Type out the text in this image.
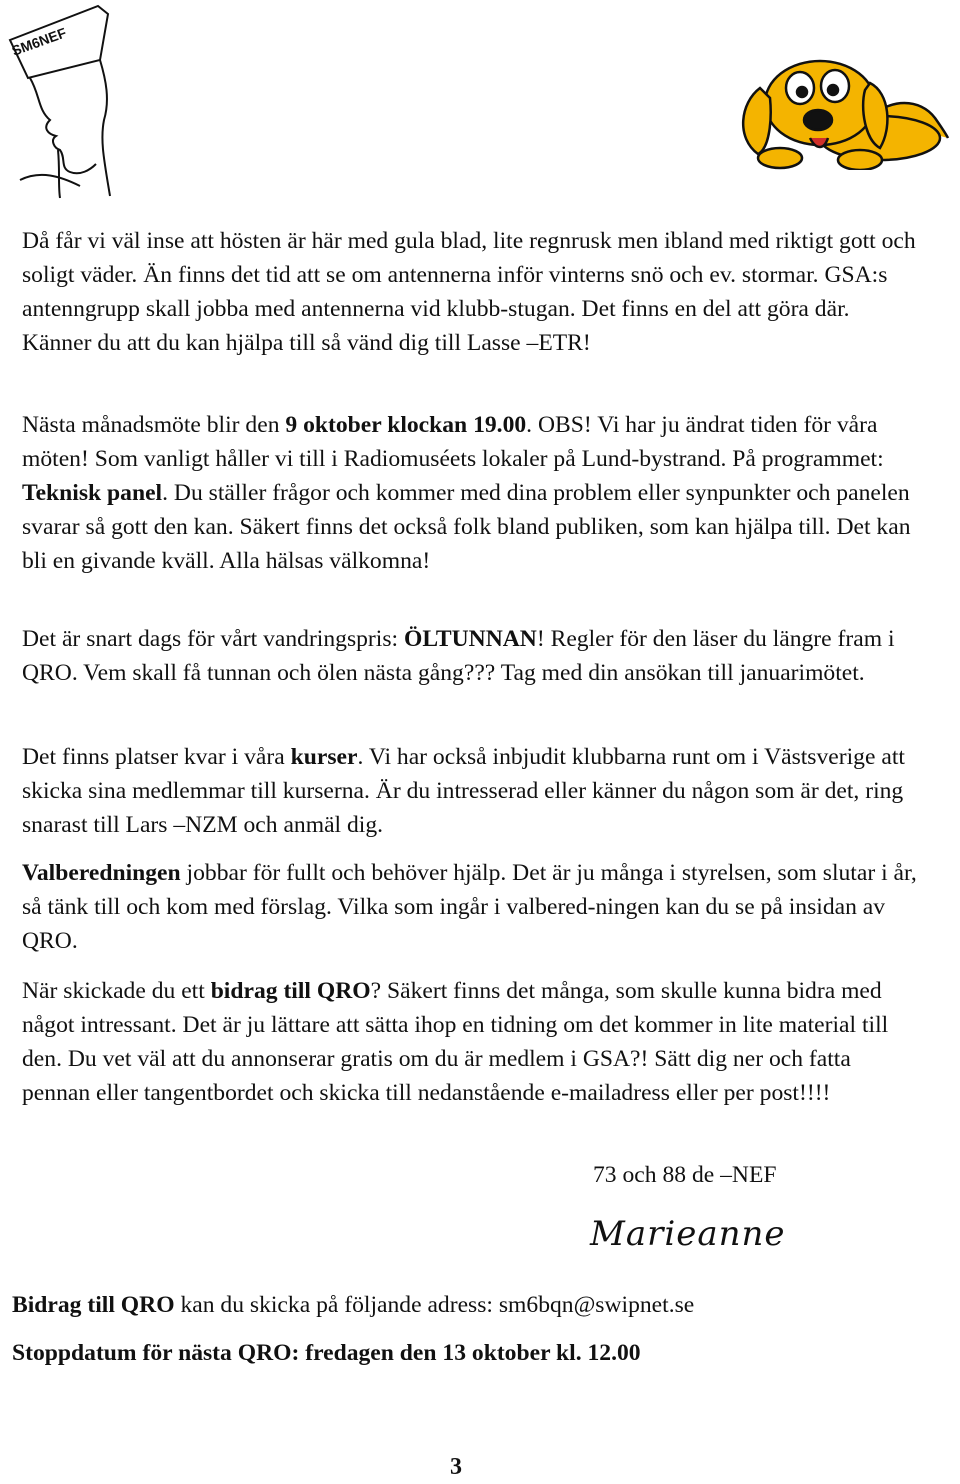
SM6NEF

Då får vi väl insе att hösten är här med gula blad, lite regnrusk men ibland med riktigt gott och soligt väder. Än finns det tid att se om antennerna inför vinterns snö och ev. stormar. GSA:s antenngrupp skall jobba med antennerna vid klubb-stugan. Det finns en del att göra där. Känner du att du kan hjälpa till så vänd dig till Lasse –ETR!

Nästa månadsmöte blir den 9 oktober klockan 19.00. OBS! Vi har ju ändrat tiden för våra möten! Som vanligt håller vi till i Radiomuséets lokaler på Lund-bystrand. På programmet: Teknisk panel. Du ställer frågor och kommer med dina problem eller synpunkter och panelen svarar så gott den kan. Säkert finns det också folk bland publiken, som kan hjälpa till. Det kan bli en givande kväll. Alla hälsas välkomna!
Det är snart dags för vårt vandringspris: ÖLTUNNAN! Regler för den läser du längre fram i QRO. Vem skall få tunnan och ölen nästa gång??? Tag med din ansökan till januarimötet.
Det finns platser kvar i våra kurser. Vi har också inbjudit klubbarna runt om i Västsverige att skicka sina medlemmar till kurserna. Är du intresserad eller känner du någon som är det, ring snarast till Lars –NZM och anmäl dig.
Valberedningen jobbar för fullt och behöver hjälp. Det är ju många i styrelsen, som slutar i år, så tänk till och kom med förslag. Vilka som ingår i valbered-ningen kan du se på insidan av QRO.
När skickade du ett bidrag till QRO? Säkert finns det många, som skulle kunna bidra med något intressant. Det är ju lättare att sätta ihop en tidning om det kommer in lite material till den. Du vet väl att du annonserar gratis om du är medlem i GSA?! Sätt dig ner och fatta pennan eller tangentbordet och skicka till nedanstående e-mailadress eller per post!!!!
73 och 88 de –NEF
Marieanne
Bidrag till QRO kan du skicka på följande adress: sm6bqn@swipnet.se
Stoppdatum för nästa QRO: fredagen den 13 oktober kl. 12.00
3
